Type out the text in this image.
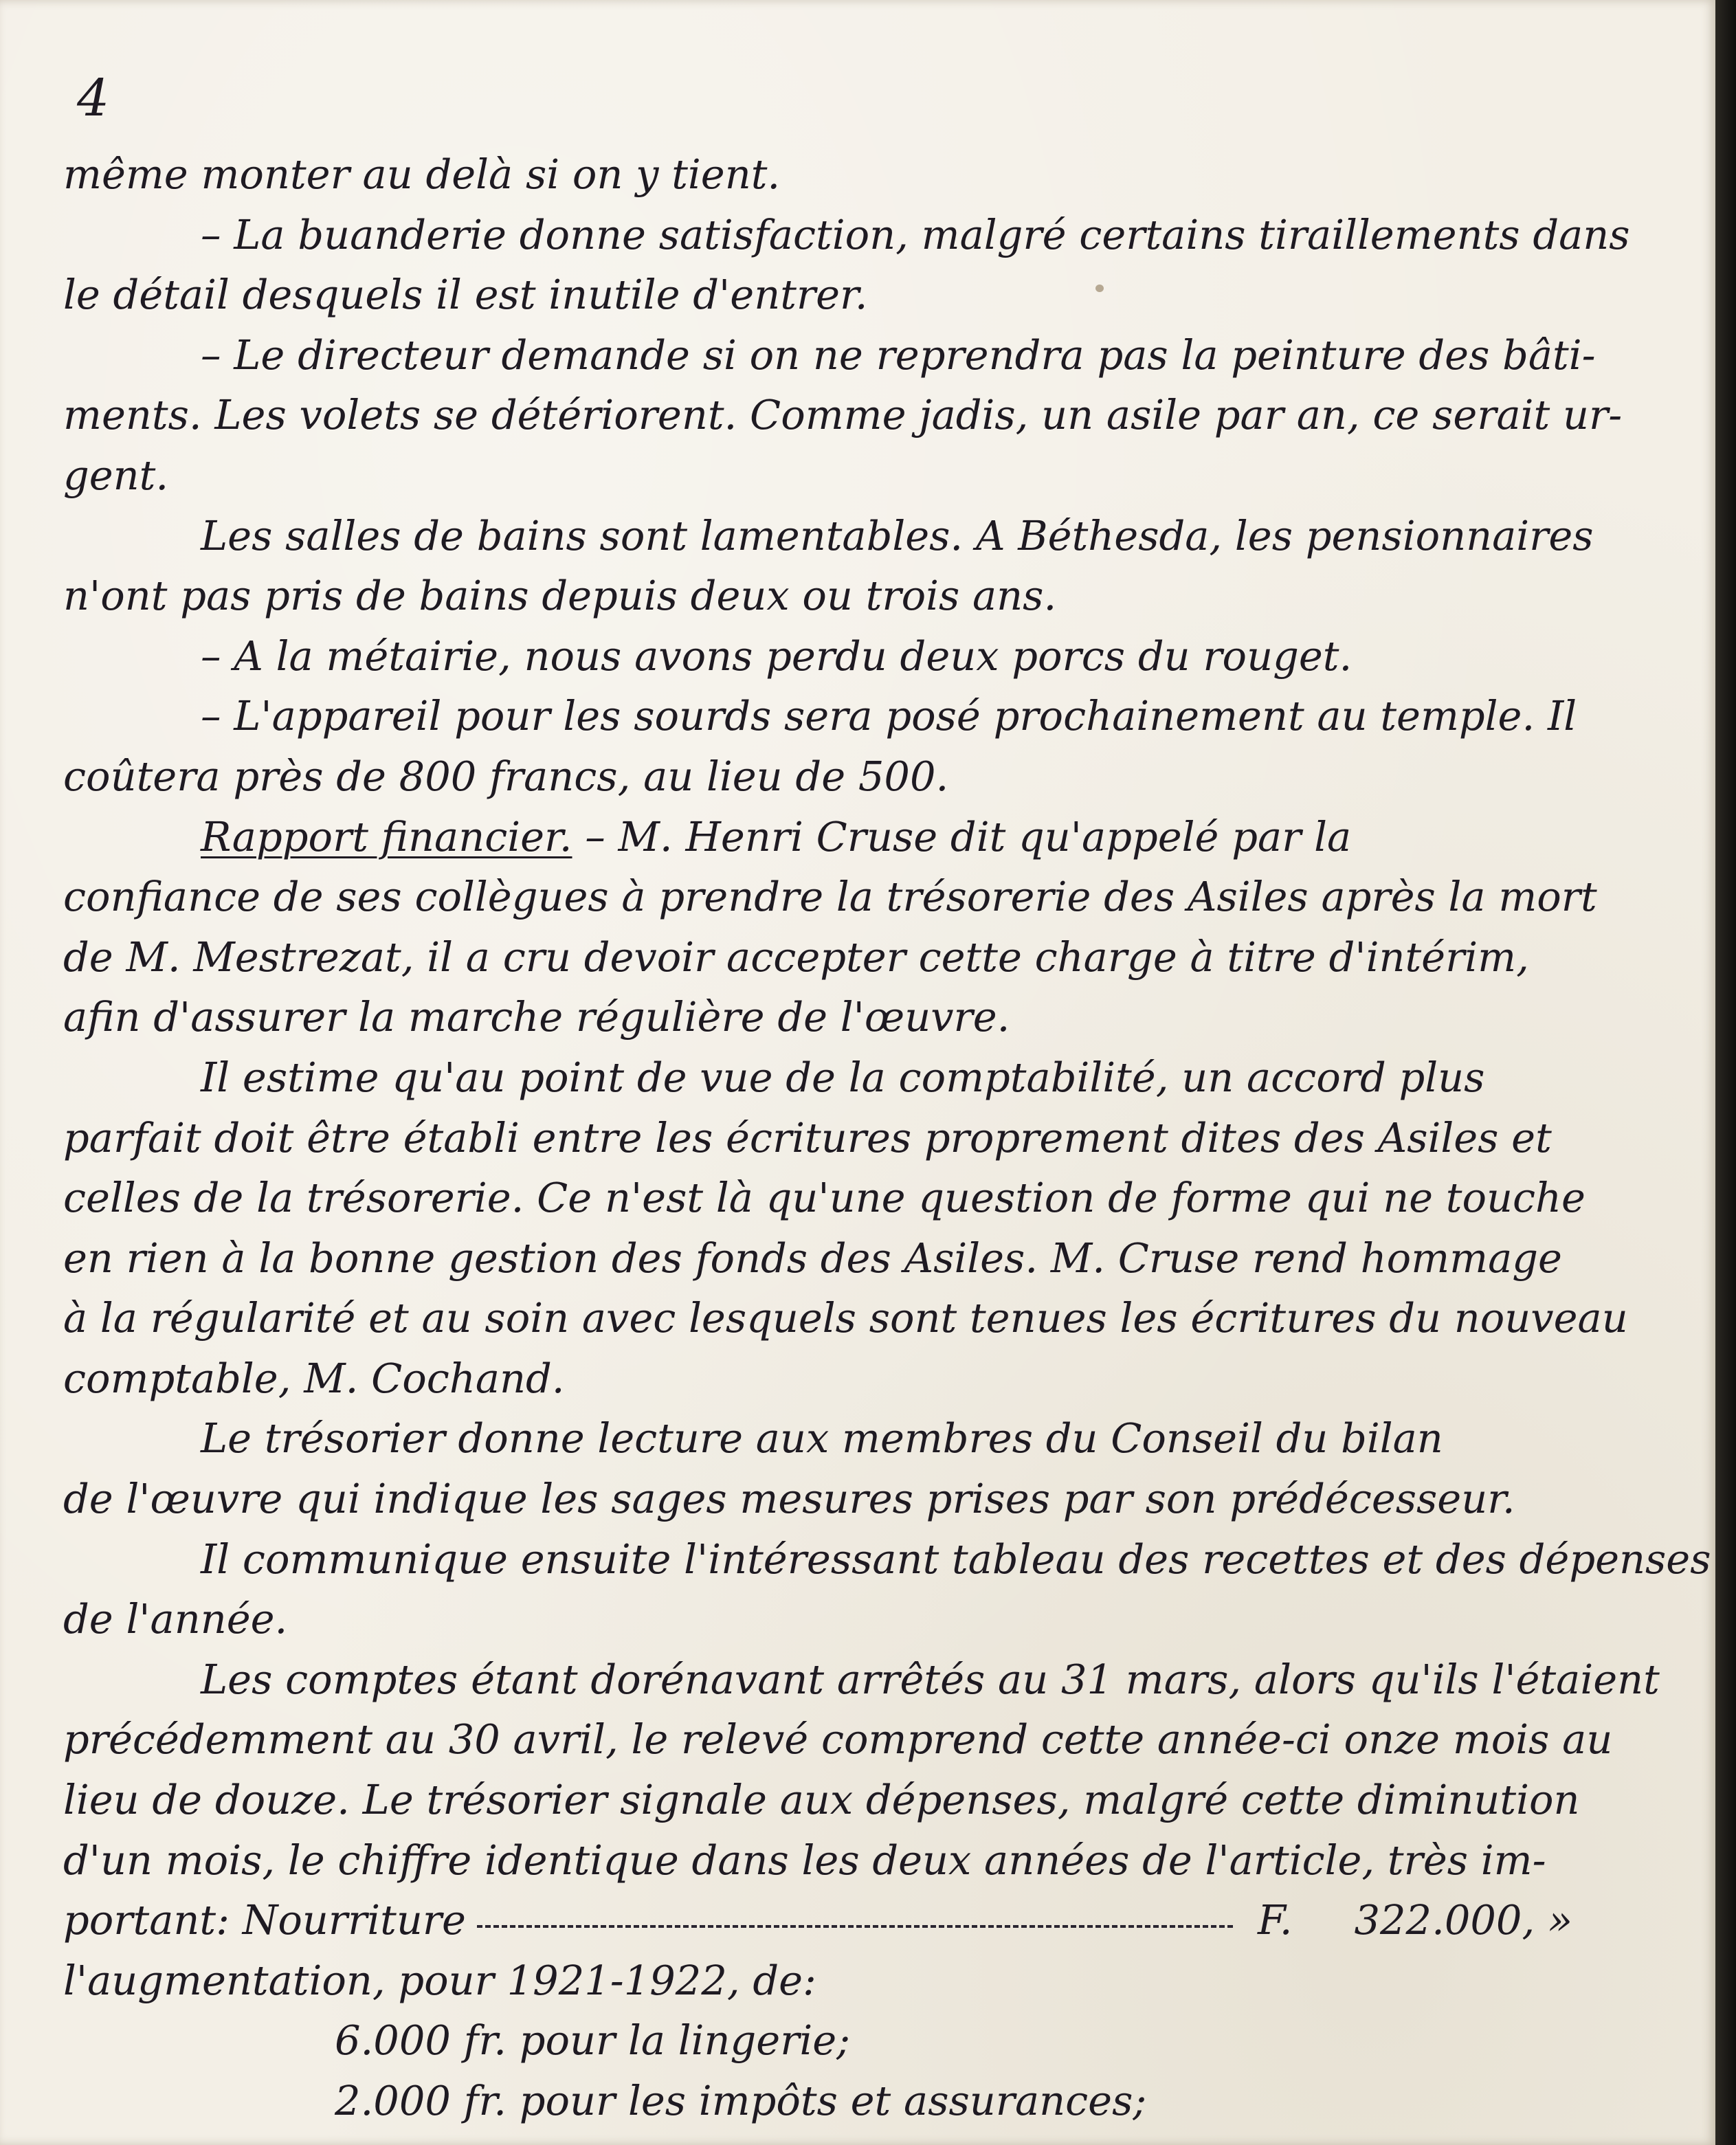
4
même monter au delà si on y tient.
– La buanderie donne satisfaction, malgré certains tiraillements dans
le détail desquels il est inutile d'entrer.
– Le directeur demande si on ne reprendra pas la peinture des bâti-
ments. Les volets se détériorent. Comme jadis, un asile par an, ce serait ur-
gent.
Les salles de bains sont lamentables. A Béthesda, les pensionnaires
n'ont pas pris de bains depuis deux ou trois ans.
– A la métairie, nous avons perdu deux porcs du rouget.
– L'appareil pour les sourds sera posé prochainement au temple. Il
coûtera près de 800 francs, au lieu de 500.
Rapport financier. – M. Henri Cruse dit qu'appelé par la
confiance de ses collègues à prendre la trésorerie des Asiles après la mort
de M. Mestrezat, il a cru devoir accepter cette charge à titre d'intérim,
afin d'assurer la marche régulière de l'œuvre.
Il estime qu'au point de vue de la comptabilité, un accord plus
parfait doit être établi entre les écritures proprement dites des Asiles et
celles de la trésorerie. Ce n'est là qu'une question de forme qui ne touche
en rien à la bonne gestion des fonds des Asiles. M. Cruse rend hommage
à la régularité et au soin avec lesquels sont tenues les écritures du nouveau
comptable, M. Cochand.
Le trésorier donne lecture aux membres du Conseil du bilan
de l'œuvre qui indique les sages mesures prises par son prédécesseur.
Il communique ensuite l'intéressant tableau des recettes et des dépenses
de l'année.
Les comptes étant dorénavant arrêtés au 31 mars, alors qu'ils l'étaient
précédemment au 30 avril, le relevé comprend cette année-ci onze mois au
lieu de douze. Le trésorier signale aux dépenses, malgré cette diminution
d'un mois, le chiffre identique dans les deux années de l'article, très im-
portant: Nourriture	F. 322.000, »
l'augmentation, pour 1921-1922, de:
6.000 fr. pour la lingerie;
2.000 fr. pour les impôts et assurances;
